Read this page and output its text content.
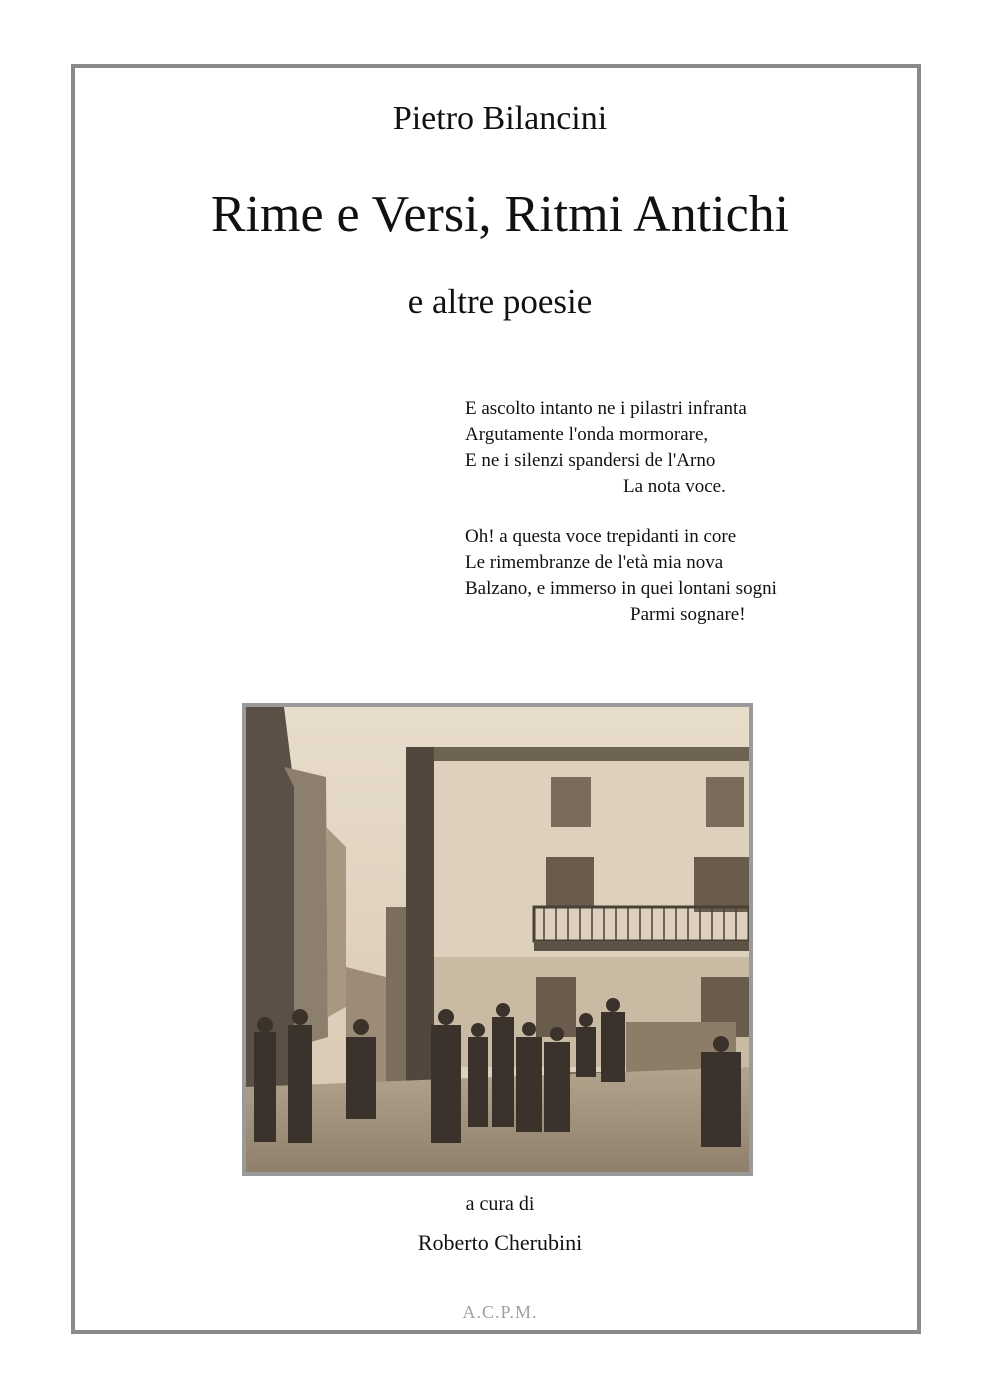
Pietro Bilancini
Rime e Versi, Ritmi Antichi
e altre poesie
E ascolto intanto ne i pilastri infranta
Argutamente l'onda mormorare,
E ne i silenzi spandersi de l'Arno
La nota voce.
Oh! a questa voce trepidanti in core
Le rimembranze de l'età mia nova
Balzano, e immerso in quei lontani sogni
Parmi sognare!
a cura di
Roberto Cherubini
A.C.P.M.
